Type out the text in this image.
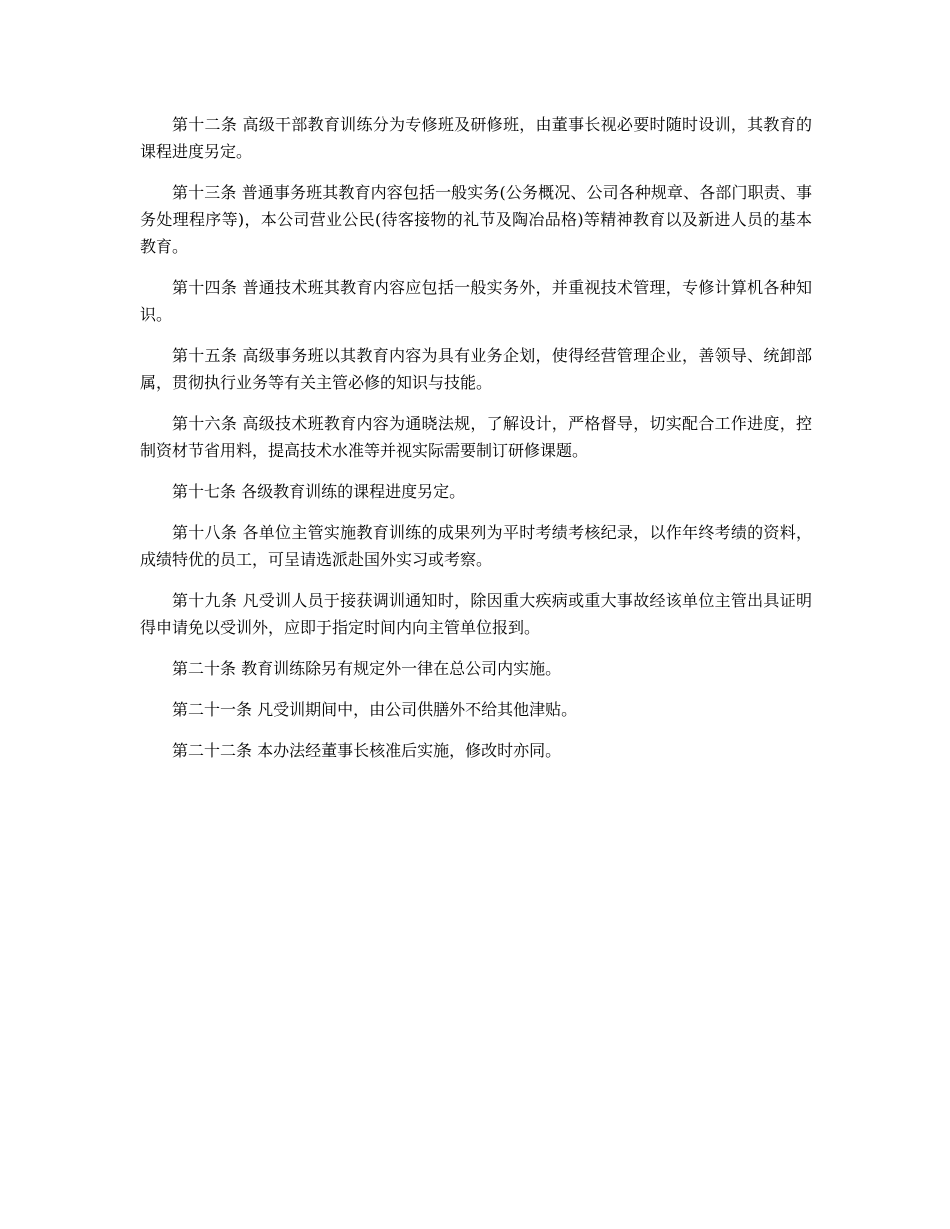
第十二条 高级干部教育训练分为专修班及研修班，由董事长视必要时随时设训，其教育的课程进度另定。

第十三条 普通事务班其教育内容包括一般实务(公务概况、公司各种规章、各部门职责、事务处理程序等)，本公司营业公民(待客接物的礼节及陶冶品格)等精神教育以及新进人员的基本教育。

第十四条 普通技术班其教育内容应包括一般实务外，并重视技术管理，专修计算机各种知识。

第十五条 高级事务班以其教育内容为具有业务企划，使得经营管理企业，善领导、统卸部属，贯彻执行业务等有关主管必修的知识与技能。

第十六条 高级技术班教育内容为通晓法规，了解设计，严格督导，切实配合工作进度，控制资材节省用料，提高技术水准等并视实际需要制订研修课题。

第十七条 各级教育训练的课程进度另定。

第十八条 各单位主管实施教育训练的成果列为平时考绩考核纪录，以作年终考绩的资料，成绩特优的员工，可呈请选派赴国外实习或考察。

第十九条 凡受训人员于接获调训通知时，除因重大疾病或重大事故经该单位主管出具证明得申请免以受训外，应即于指定时间内向主管单位报到。

第二十条 教育训练除另有规定外一律在总公司内实施。

第二十一条 凡受训期间中，由公司供膳外不给其他津贴。

第二十二条 本办法经董事长核准后实施，修改时亦同。
